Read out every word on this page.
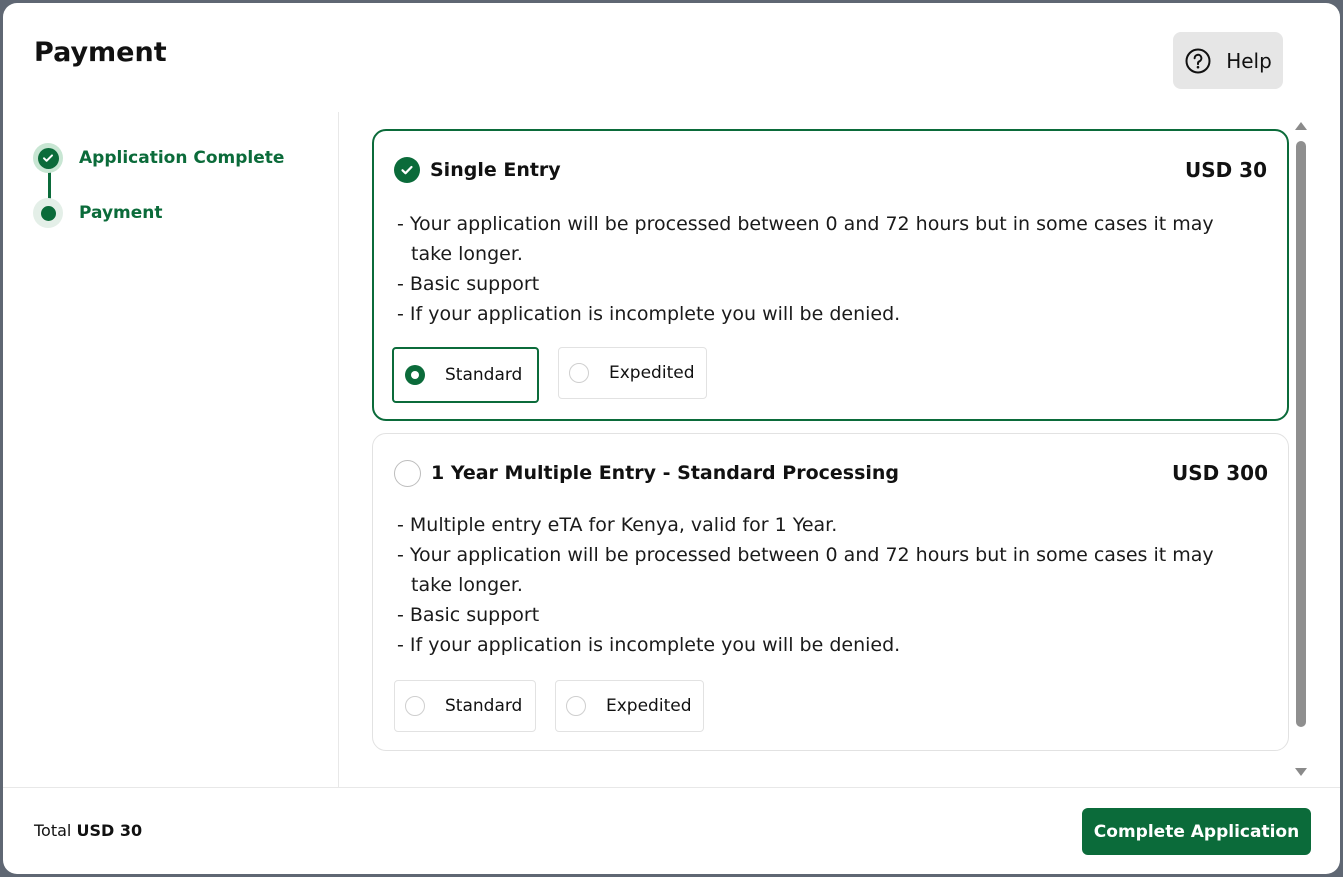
Payment	Help
Application Complete
Payment
Single Entry	USD 30
- Your application will be processed between 0 and 72 hours but in some cases it may take longer.
- Basic support
- If your application is incomplete you will be denied.
Standard	Expedited
1 Year Multiple Entry - Standard Processing	USD 300
- Multiple entry eTA for Kenya, valid for 1 Year.
- Your application will be processed between 0 and 72 hours but in some cases it may take longer.
- Basic support
- If your application is incomplete you will be denied.
Standard	Expedited
Total USD 30	Complete Application
